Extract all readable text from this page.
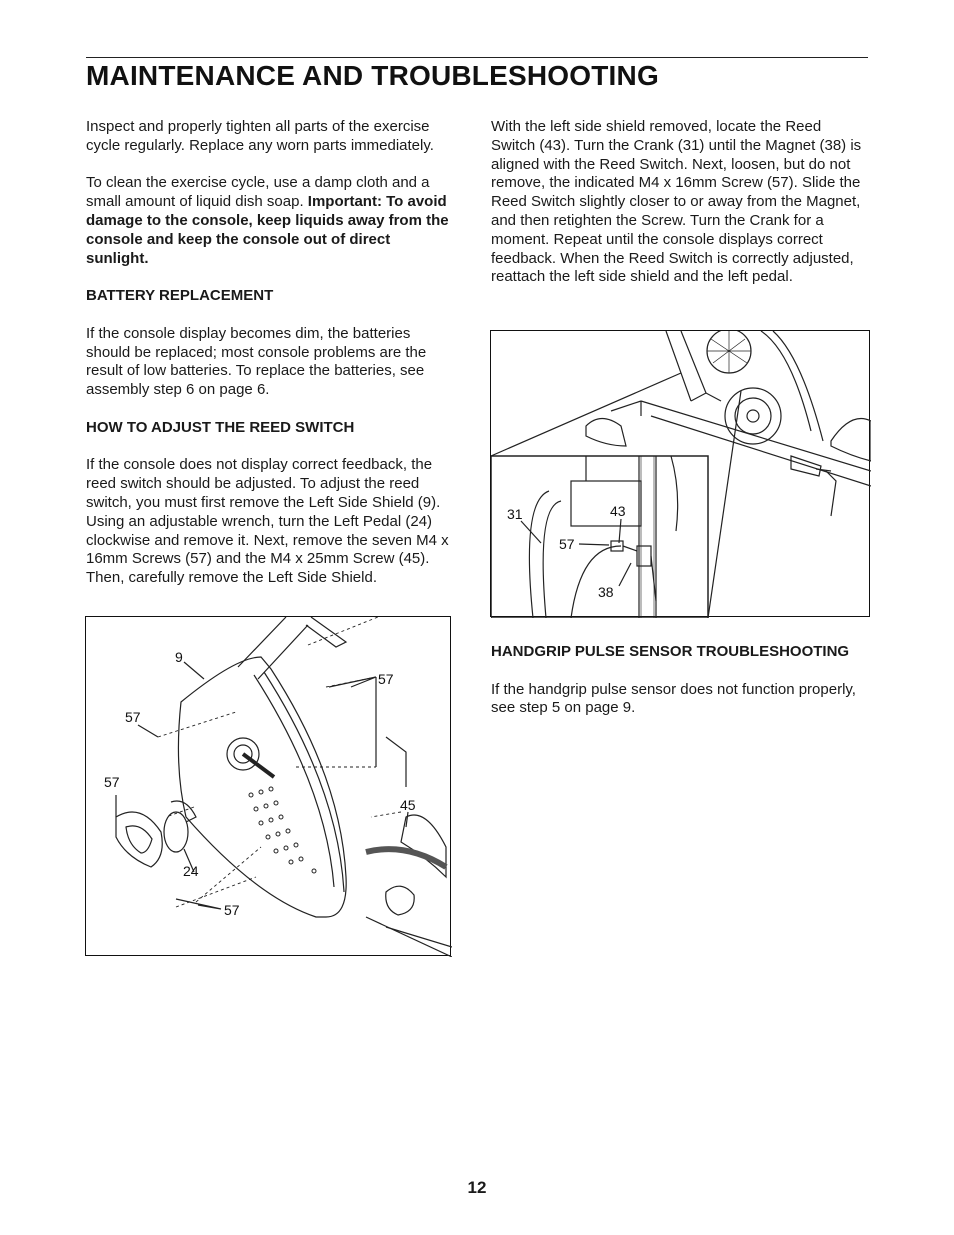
MAINTENANCE AND TROUBLESHOOTING

Inspect and properly tighten all parts of the exercise cycle regularly. Replace any worn parts immediately.

To clean the exercise cycle, use a damp cloth and a small amount of liquid dish soap. Important: To avoid damage to the console, keep liquids away from the console and keep the console out of direct sunlight.

BATTERY REPLACEMENT

If the console display becomes dim, the batteries should be replaced; most console problems are the result of low batteries. To replace the batteries, see assembly step 6 on page 6.

HOW TO ADJUST THE REED SWITCH

If the console does not display correct feedback, the reed switch should be adjusted. To adjust the reed switch, you must first remove the Left Side Shield (9). Using an adjustable wrench, turn the Left Pedal (24) clockwise and remove it. Next, remove the seven M4 x 16mm Screws (57) and the M4 x 25mm Screw (45). Then, carefully remove the Left Side Shield.

With the left side shield removed, locate the Reed Switch (43). Turn the Crank (31) until the Magnet (38) is aligned with the Reed Switch. Next, loosen, but do not remove, the indicated M4 x 16mm Screw (57). Slide the Reed Switch slightly closer to or away from the Magnet, and then retighten the Screw. Turn the Crank for a moment. Repeat until the console displays correct feedback. When the Reed Switch is correctly adjusted, reattach the left side shield and the left pedal.

9
57
57
57
45
24
57
31	43
57
38
HANDGRIP PULSE SENSOR TROUBLESHOOTING

If the handgrip pulse sensor does not function properly, see step 5 on page 9.

12
